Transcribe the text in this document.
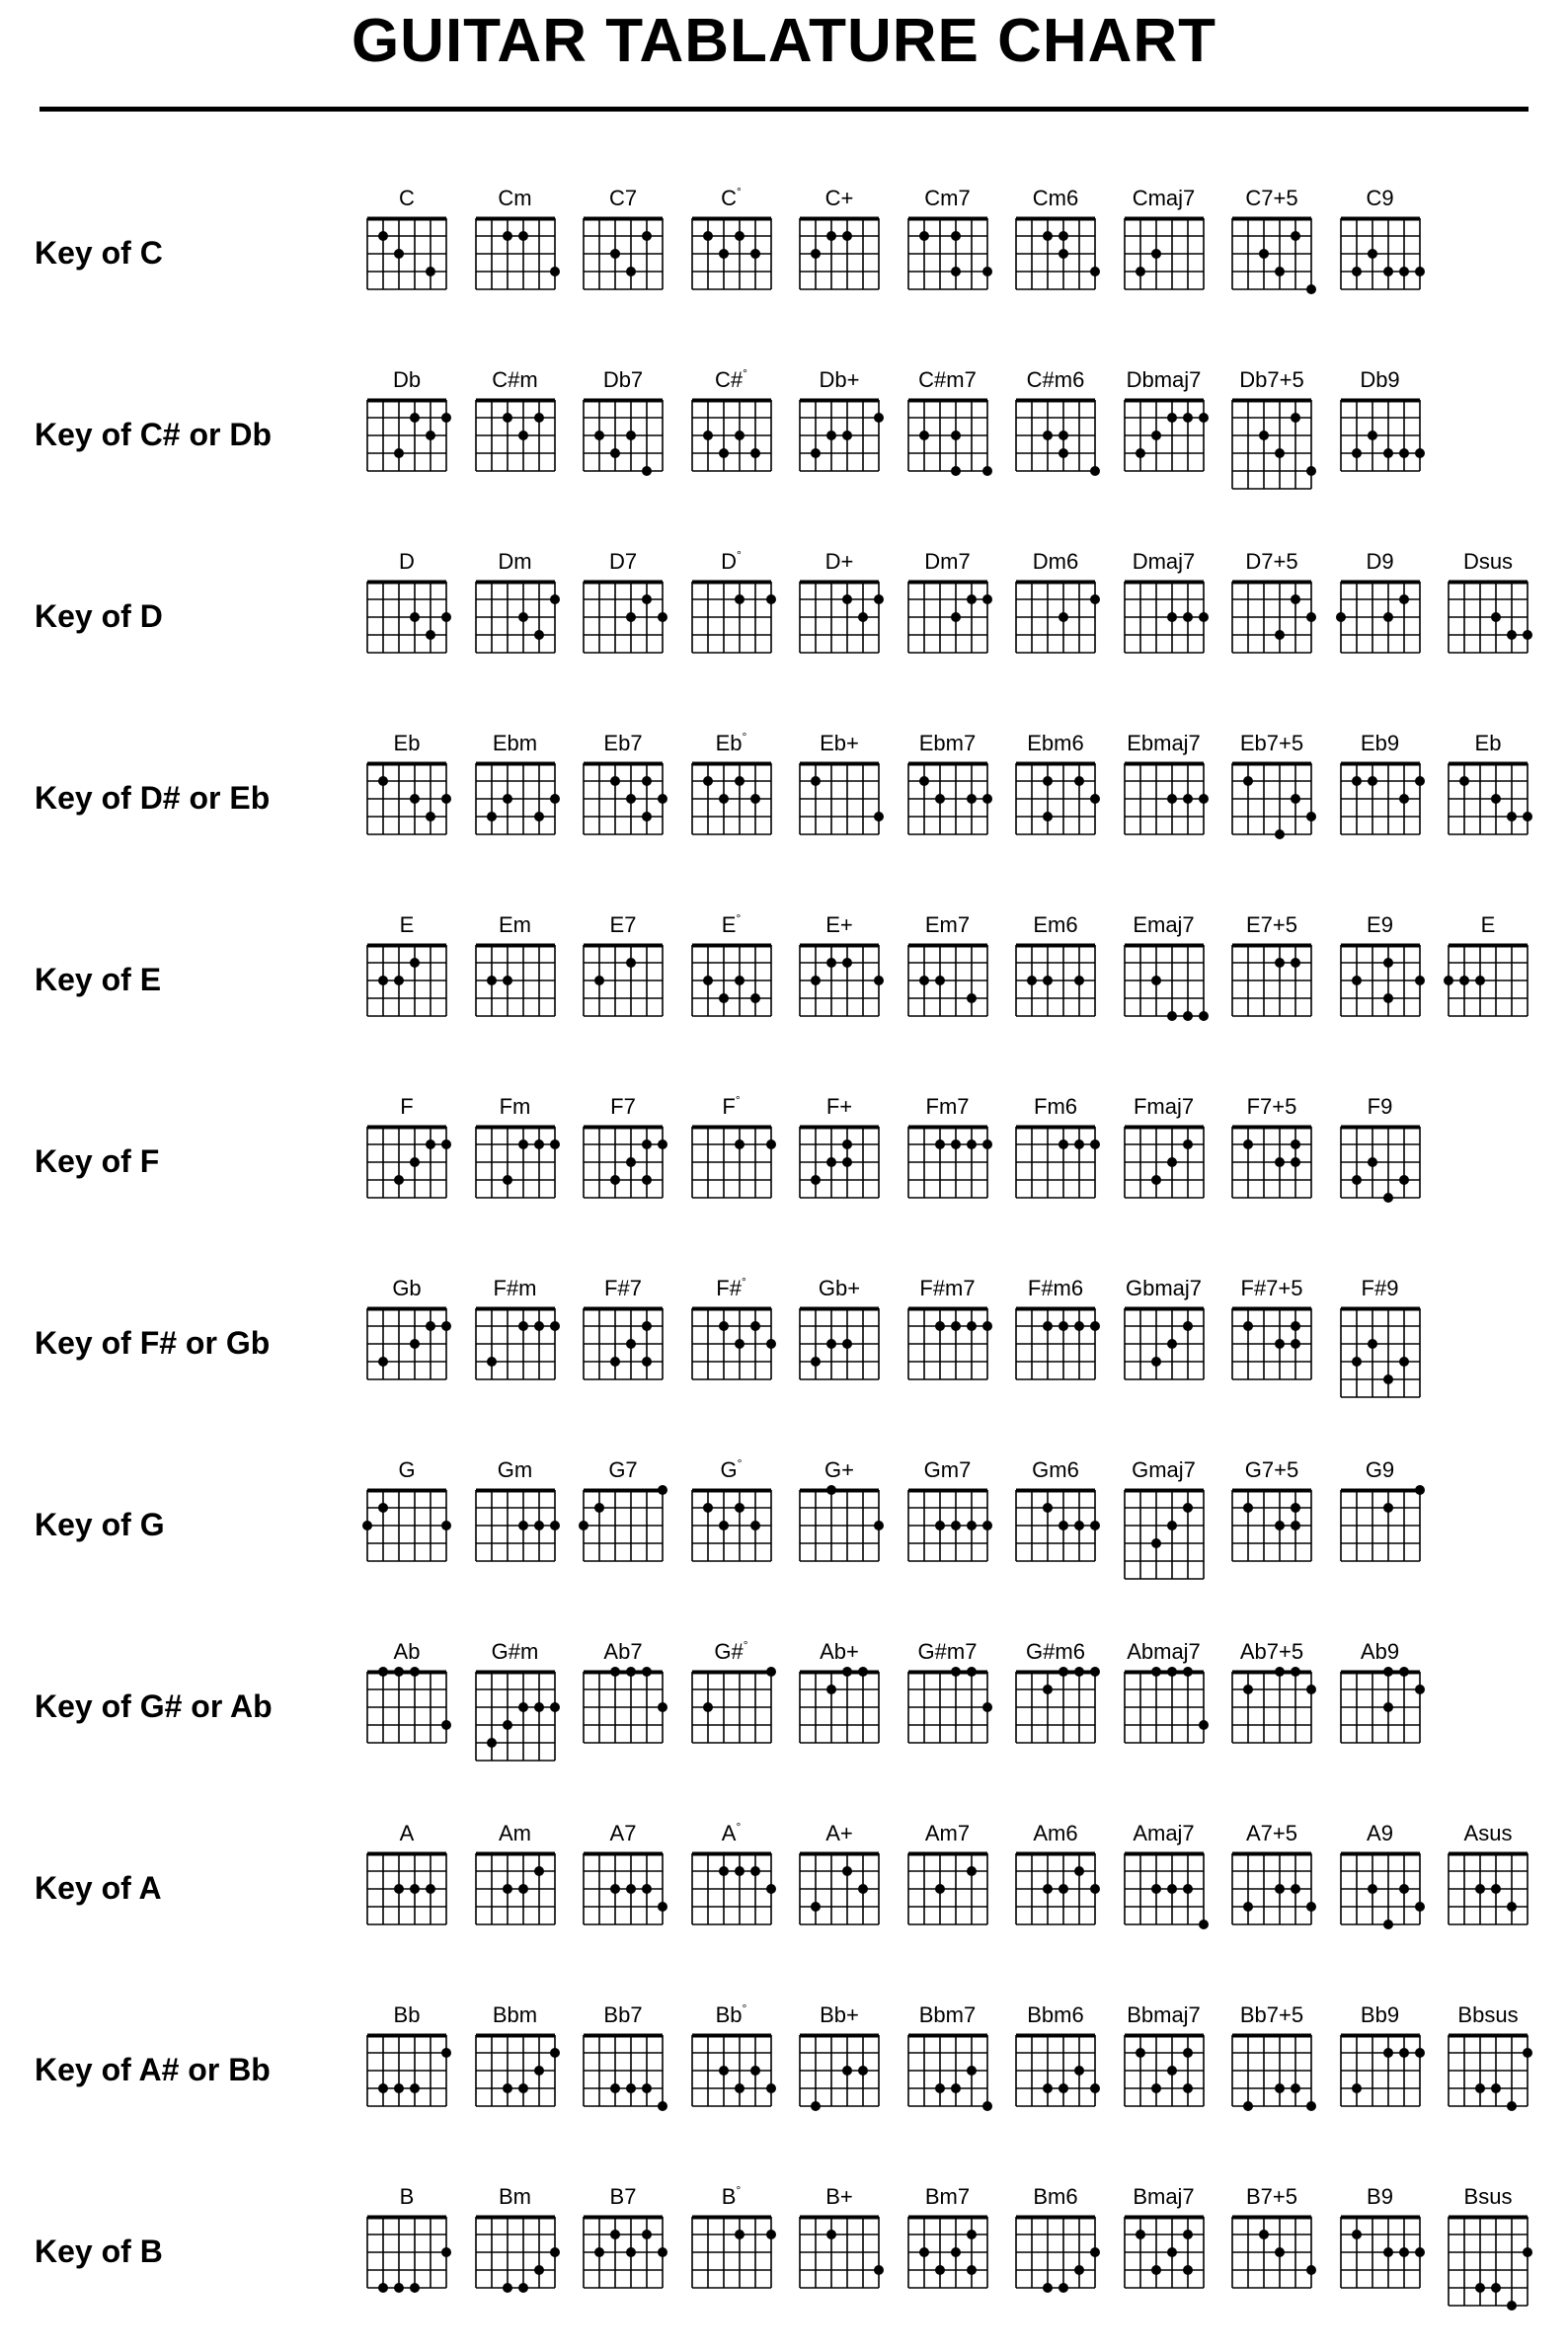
GUITAR TABLATURE CHART
Key of C
C	Cm	C7	C°	C+	Cm7	Cm6	Cmaj7	C7+5	C9
Key of C# or Db
Db	C#m	Db7	C#°	Db+	C#m7	C#m6	Dbmaj7	Db7+5	Db9
Key of D
D	Dm	D7	D°	D+	Dm7	Dm6	Dmaj7	D7+5	D9	Dsus
Key of D# or Eb
Eb	Ebm	Eb7	Eb°	Eb+	Ebm7	Ebm6	Ebmaj7	Eb7+5	Eb9	Eb
Key of E
E	Em	E7	E°	E+	Em7	Em6	Emaj7	E7+5	E9	E
Key of F
F	Fm	F7	F°	F+	Fm7	Fm6	Fmaj7	F7+5	F9
Key of F# or Gb
Gb	F#m	F#7	F#°	Gb+	F#m7	F#m6	Gbmaj7	F#7+5	F#9
Key of G
G	Gm	G7	G°	G+	Gm7	Gm6	Gmaj7	G7+5	G9
Key of G# or Ab
Ab	G#m	Ab7	G#°	Ab+	G#m7	G#m6	Abmaj7	Ab7+5	Ab9
Key of A
A	Am	A7	A°	A+	Am7	Am6	Amaj7	A7+5	A9	Asus
Key of A# or Bb
Bb	Bbm	Bb7	Bb°	Bb+	Bbm7	Bbm6	Bbmaj7	Bb7+5	Bb9	Bbsus
Key of B
B	Bm	B7	B°	B+	Bm7	Bm6	Bmaj7	B7+5	B9	Bsus
